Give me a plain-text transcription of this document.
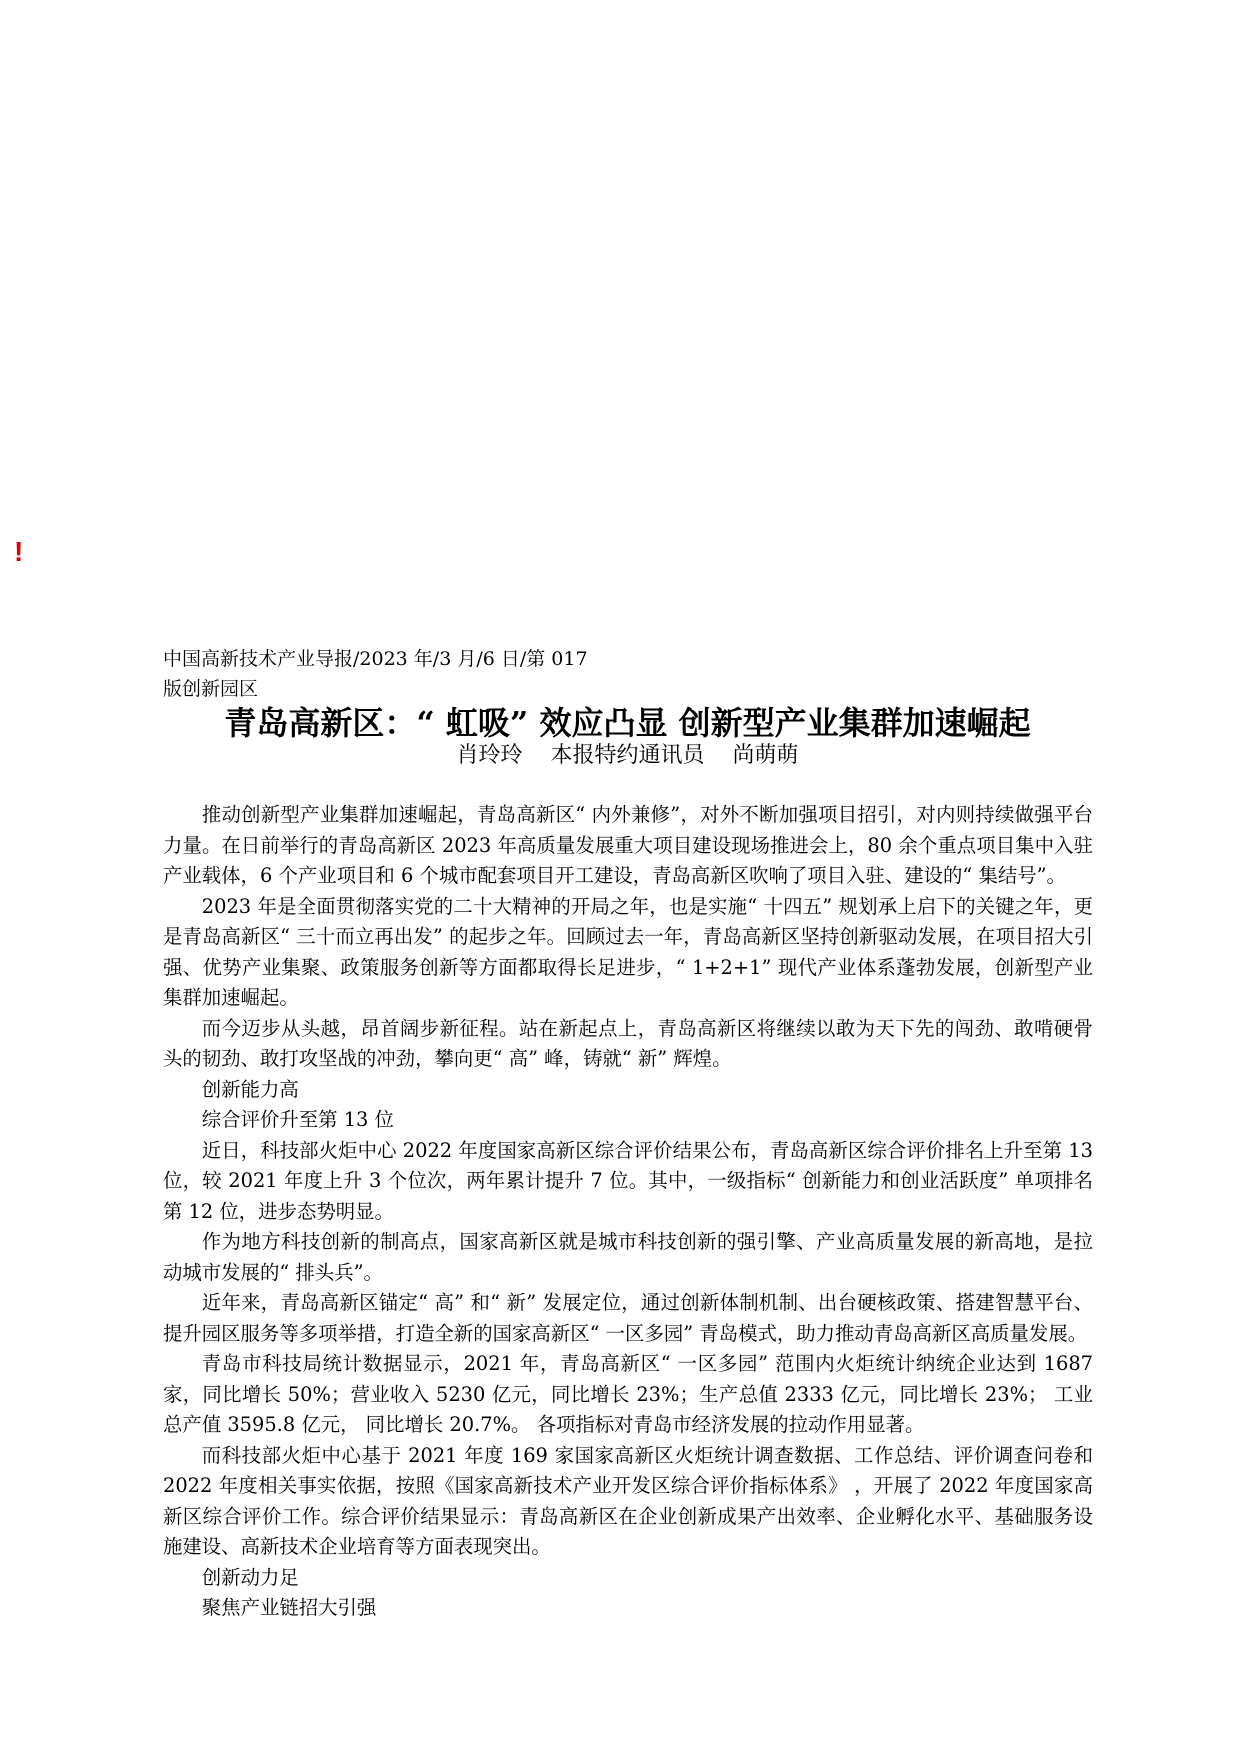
!
中国高新技术产业导报/2023 年/3 月/6 日/第 017
版创新园区
青岛高新区：“ 虹吸” 效应凸显 创新型产业集群加速崛起
肖玲玲    本报特约通讯员    尚萌萌

推动创新型产业集群加速崛起，青岛高新区“ 内外兼修”，对外不断加强项目招引，对内则持续做强平台力量。在日前举行的青岛高新区 2023 年高质量发展重大项目建设现场推进会上，80 余个重点项目集中入驻产业载体，6 个产业项目和 6 个城市配套项目开工建设，青岛高新区吹响了项目入驻、建设的“ 集结号”。

2023 年是全面贯彻落实党的二十大精神的开局之年，也是实施“ 十四五” 规划承上启下的关键之年，更是青岛高新区“ 三十而立再出发” 的起步之年。回顾过去一年，青岛高新区坚持创新驱动发展，在项目招大引强、优势产业集聚、政策服务创新等方面都取得长足进步，“ 1+2+1” 现代产业体系蓬勃发展，创新型产业集群加速崛起。

而今迈步从头越，昂首阔步新征程。站在新起点上，青岛高新区将继续以敢为天下先的闯劲、敢啃硬骨头的韧劲、敢打攻坚战的冲劲，攀向更“ 高” 峰，铸就“ 新” 辉煌。

创新能力高

综合评价升至第 13 位

近日，科技部火炬中心 2022 年度国家高新区综合评价结果公布，青岛高新区综合评价排名上升至第 13 位，较 2021 年度上升 3 个位次，两年累计提升 7 位。其中，一级指标“ 创新能力和创业活跃度” 单项排名第 12 位，进步态势明显。

作为地方科技创新的制高点，国家高新区就是城市科技创新的强引擎、产业高质量发展的新高地，是拉动城市发展的“ 排头兵”。

近年来，青岛高新区锚定“ 高” 和“ 新” 发展定位，通过创新体制机制、出台硬核政策、搭建智慧平台、提升园区服务等多项举措，打造全新的国家高新区“ 一区多园” 青岛模式，助力推动青岛高新区高质量发展。

青岛市科技局统计数据显示，2021 年，青岛高新区“ 一区多园” 范围内火炬统计纳统企业达到 1687 家，同比增长 50%；营业收入 5230 亿元，同比增长 23%；生产总值 2333 亿元，同比增长 23%； 工业总产值 3595.8 亿元， 同比增长 20.7%。 各项指标对青岛市经济发展的拉动作用显著。

而科技部火炬中心基于 2021 年度 169 家国家高新区火炬统计调查数据、工作总结、评价调查问卷和 2022 年度相关事实依据，按照《国家高新技术产业开发区综合评价指标体系》 ，开展了 2022 年度国家高新区综合评价工作。综合评价结果显示：青岛高新区在企业创新成果产出效率、企业孵化水平、基础服务设施建设、高新技术企业培育等方面表现突出。

创新动力足

聚焦产业链招大引强
